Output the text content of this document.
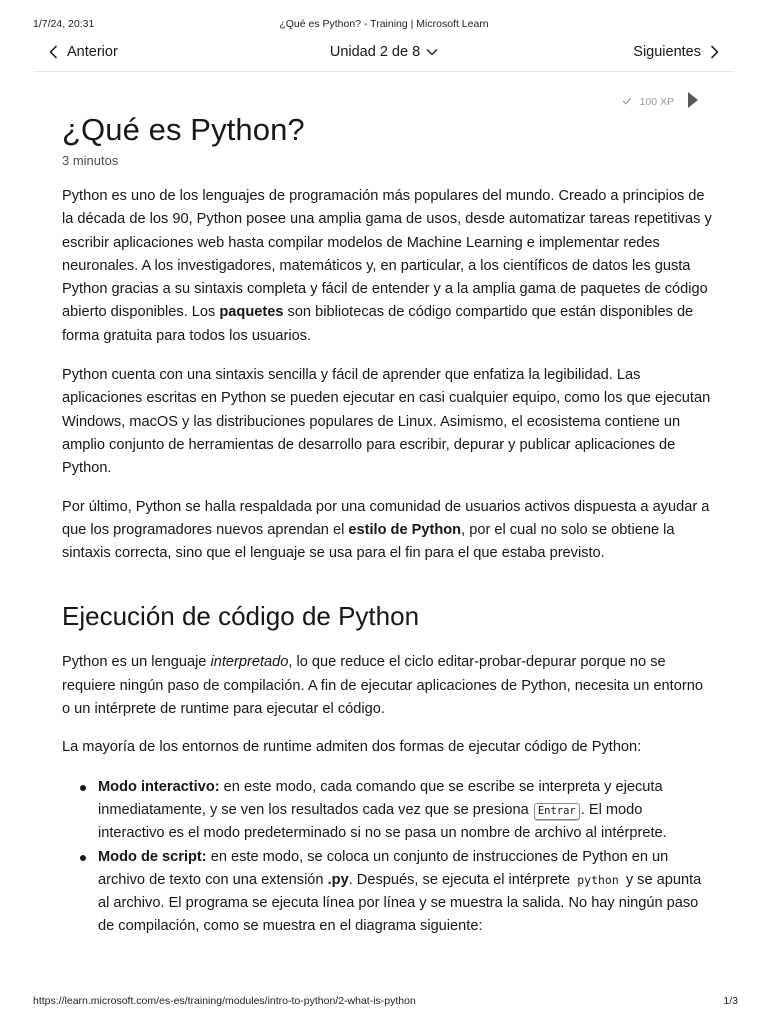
1/7/24, 20:31	¿Qué es Python? - Training | Microsoft Learn
Anterior	Unidad 2 de 8	Siguientes
100 XP
¿Qué es Python?
3 minutos

Python es uno de los lenguajes de programación más populares del mundo. Creado a principios de la década de los 90, Python posee una amplia gama de usos, desde automatizar tareas repetitivas y escribir aplicaciones web hasta compilar modelos de Machine Learning e implementar redes neuronales. A los investigadores, matemáticos y, en particular, a los científicos de datos les gusta Python gracias a su sintaxis completa y fácil de entender y a la amplia gama de paquetes de código abierto disponibles. Los paquetes son bibliotecas de código compartido que están disponibles de forma gratuita para todos los usuarios.

Python cuenta con una sintaxis sencilla y fácil de aprender que enfatiza la legibilidad. Las aplicaciones escritas en Python se pueden ejecutar en casi cualquier equipo, como los que ejecutan Windows, macOS y las distribuciones populares de Linux. Asimismo, el ecosistema contiene un amplio conjunto de herramientas de desarrollo para escribir, depurar y publicar aplicaciones de Python.

Por último, Python se halla respaldada por una comunidad de usuarios activos dispuesta a ayudar a que los programadores nuevos aprendan el estilo de Python, por el cual no solo se obtiene la sintaxis correcta, sino que el lenguaje se usa para el fin para el que estaba previsto.

Ejecución de código de Python

Python es un lenguaje interpretado, lo que reduce el ciclo editar-probar-depurar porque no se requiere ningún paso de compilación. A fin de ejecutar aplicaciones de Python, necesita un entorno o un intérprete de runtime para ejecutar el código.

La mayoría de los entornos de runtime admiten dos formas de ejecutar código de Python:

Modo interactivo: en este modo, cada comando que se escribe se interpreta y ejecuta inmediatamente, y se ven los resultados cada vez que se presiona Entrar . El modo interactivo es el modo predeterminado si no se pasa un nombre de archivo al intérprete.
Modo de script: en este modo, se coloca un conjunto de instrucciones de Python en un archivo de texto con una extensión .py. Después, se ejecuta el intérprete python y se apunta al archivo. El programa se ejecuta línea por línea y se muestra la salida. No hay ningún paso de compilación, como se muestra en el diagrama siguiente:
https://learn.microsoft.com/es-es/training/modules/intro-to-python/2-what-is-python	1/3
